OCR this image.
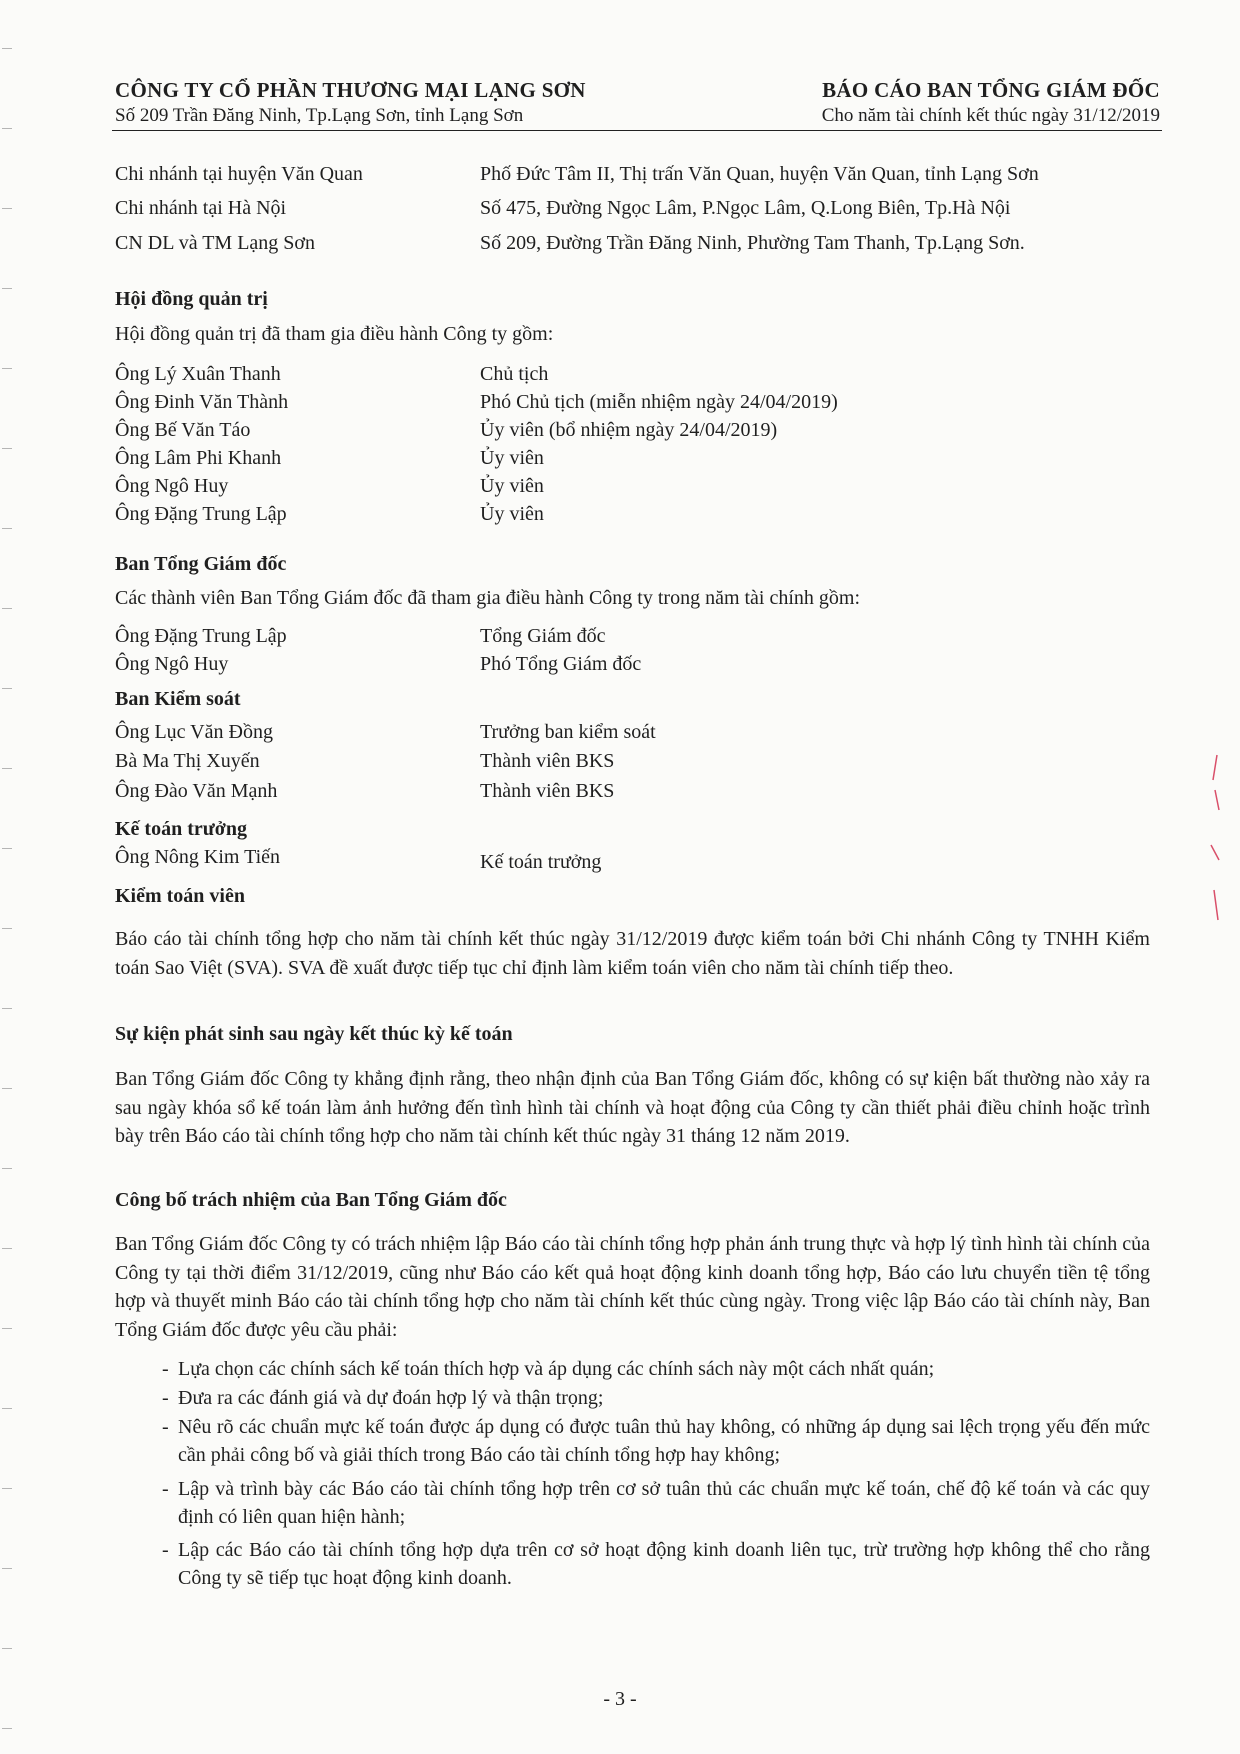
CÔNG TY CỔ PHẦN THƯƠNG MẠI LẠNG SƠN
Số 209 Trần Đăng Ninh, Tp.Lạng Sơn, tỉnh Lạng Sơn
BÁO CÁO BAN TỔNG GIÁM ĐỐC
Cho năm tài chính kết thúc ngày 31/12/2019
Chi nhánh tại huyện Văn Quan	Phố Đức Tâm II, Thị trấn Văn Quan, huyện Văn Quan, tỉnh Lạng Sơn
Chi nhánh tại Hà Nội	Số 475, Đường Ngọc Lâm, P.Ngọc Lâm, Q.Long Biên, Tp.Hà Nội
CN DL và TM Lạng Sơn	Số 209, Đường Trần Đăng Ninh, Phường Tam Thanh, Tp.Lạng Sơn.
Hội đồng quản trị
Hội đồng quản trị đã tham gia điều hành Công ty gồm:
Ông Lý Xuân Thanh	Chủ tịch
Ông Đinh Văn Thành	Phó Chủ tịch (miễn nhiệm ngày 24/04/2019)
Ông Bế Văn Táo	Ủy viên (bổ nhiệm ngày 24/04/2019)
Ông Lâm Phi Khanh	Ủy viên
Ông Ngô Huy	Ủy viên
Ông Đặng Trung Lập	Ủy viên
Ban Tổng Giám đốc
Các thành viên Ban Tổng Giám đốc đã tham gia điều hành Công ty trong năm tài chính gồm:
Ông Đặng Trung Lập	Tổng Giám đốc
Ông Ngô Huy	Phó Tổng Giám đốc
Ban Kiểm soát
Ông Lục Văn Đồng	Trưởng ban kiểm soát
Bà Ma Thị Xuyến	Thành viên BKS
Ông Đào Văn Mạnh	Thành viên BKS
Kế toán trưởng
Ông Nông Kim Tiến	Kế toán trưởng
Kiểm toán viên
Báo cáo tài chính tổng hợp cho năm tài chính kết thúc ngày 31/12/2019 được kiểm toán bởi Chi nhánh Công ty TNHH Kiểm toán Sao Việt (SVA). SVA đề xuất được tiếp tục chỉ định làm kiểm toán viên cho năm tài chính tiếp theo.
Sự kiện phát sinh sau ngày kết thúc kỳ kế toán
Ban Tổng Giám đốc Công ty khẳng định rằng, theo nhận định của Ban Tổng Giám đốc, không có sự kiện bất thường nào xảy ra sau ngày khóa sổ kế toán làm ảnh hưởng đến tình hình tài chính và hoạt động của Công ty cần thiết phải điều chỉnh hoặc trình bày trên Báo cáo tài chính tổng hợp cho năm tài chính kết thúc ngày 31 tháng 12 năm 2019.
Công bố trách nhiệm của Ban Tổng Giám đốc
Ban Tổng Giám đốc Công ty có trách nhiệm lập Báo cáo tài chính tổng hợp phản ánh trung thực và hợp lý tình hình tài chính của Công ty tại thời điểm 31/12/2019, cũng như Báo cáo kết quả hoạt động kinh doanh tổng hợp, Báo cáo lưu chuyển tiền tệ tổng hợp và thuyết minh Báo cáo tài chính tổng hợp cho năm tài chính kết thúc cùng ngày. Trong việc lập Báo cáo tài chính này, Ban Tổng Giám đốc được yêu cầu phải:
- Lựa chọn các chính sách kế toán thích hợp và áp dụng các chính sách này một cách nhất quán;
- Đưa ra các đánh giá và dự đoán hợp lý và thận trọng;
- Nêu rõ các chuẩn mực kế toán được áp dụng có được tuân thủ hay không, có những áp dụng sai lệch trọng yếu đến mức cần phải công bố và giải thích trong Báo cáo tài chính tổng hợp hay không;
- Lập và trình bày các Báo cáo tài chính tổng hợp trên cơ sở tuân thủ các chuẩn mực kế toán, chế độ kế toán và các quy định có liên quan hiện hành;
- Lập các Báo cáo tài chính tổng hợp dựa trên cơ sở hoạt động kinh doanh liên tục, trừ trường hợp không thể cho rằng Công ty sẽ tiếp tục hoạt động kinh doanh.
- 3 -
